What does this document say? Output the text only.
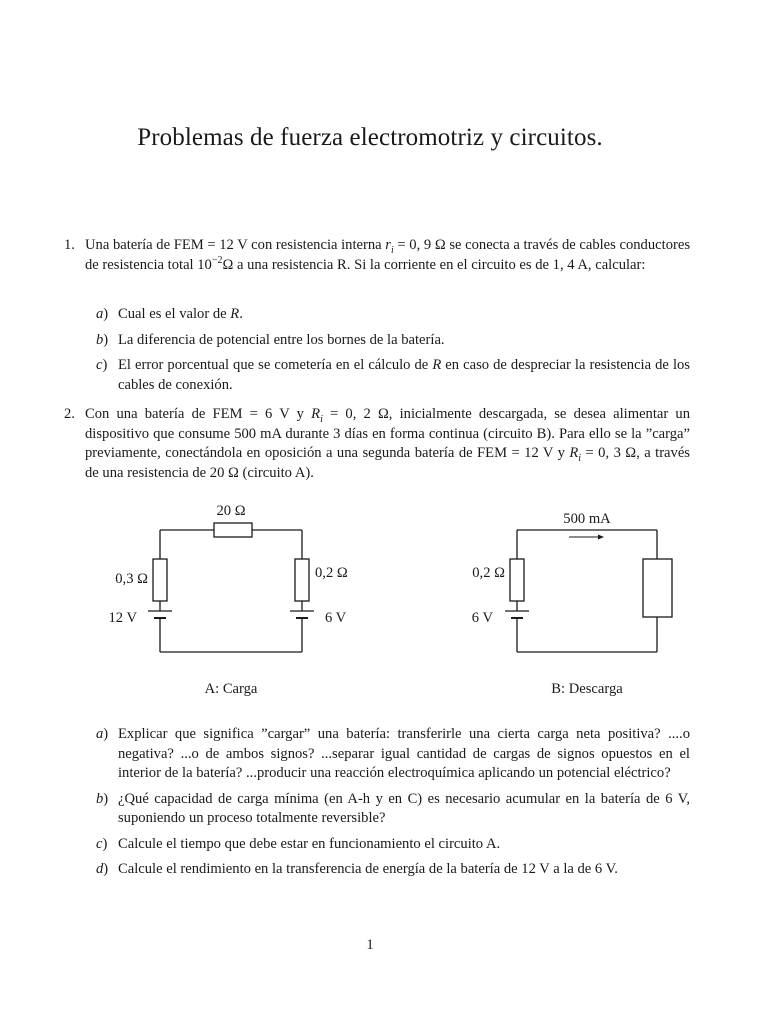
Problemas de fuerza electromotriz y circuitos.
1. Una batería de FEM = 12 V con resistencia interna $r_i = 0$, 9 Ω se conecta a través de cables conductores de resistencia total $10^{-2}\Omega$ a una resistencia R. Si la corriente en el circuito es de 1, 4 A, calcular:
a) Cual es el valor de R.
b) La diferencia de potencial entre los bornes de la batería.
c) El error porcentual que se cometería en el cálculo de R en caso de despreciar la resistencia de los cables de conexión.
2. Con una batería de FEM = 6 V y $R_i = 0$, 2 Ω, inicialmente descargada, se desea alimentar un dispositivo que consume 500 mA durante 3 días en forma continua (circuito B). Para ello se la ”carga” previamente, conectándola en oposición a una segunda batería de FEM = 12 V y $R_i = 0$, 3 Ω, a través de una resistencia de 20 Ω (circuito A).
20 Ω
0,3 Ω	0,2 Ω
12 V	6 V
A: Carga
500 mA
0,2 Ω
6 V
B: Descarga
a) Explicar que significa ”cargar” una batería: transferirle una cierta carga neta positiva? ....o negativa? ...o de ambos signos? ...separar igual cantidad de cargas de signos opuestos en el interior de la batería? ...producir una reacción electroquímica aplicando un potencial eléctrico?
b) ¿Qué capacidad de carga mínima (en A-h y en C) es necesario acumular en la batería de 6 V, suponiendo un proceso totalmente reversible?
c) Calcule el tiempo que debe estar en funcionamiento el circuito A.
d) Calcule el rendimiento en la transferencia de energía de la batería de 12 V a la de 6 V.
1
